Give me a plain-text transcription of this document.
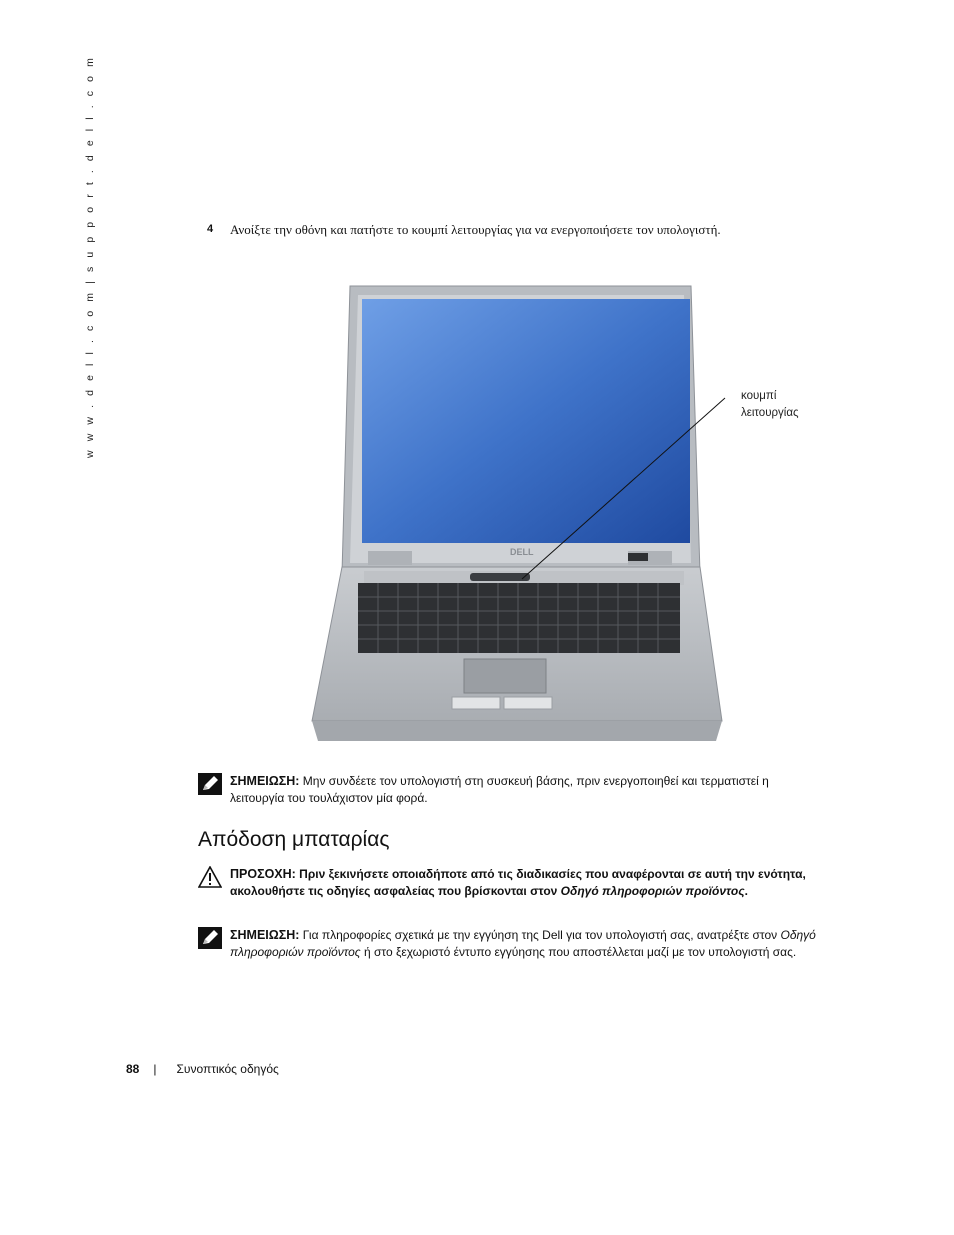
w w w . d e l l . c o m | s u p p o r t . d e l l . c o m	4 Ανοίξτε την οθόνη και πατήστε το κουμπί λειτουργίας για να ενεργοποιήσετε τον υπολογιστή.
DELL
κουμπί
λειτουργίας
ΣΗΜΕΙΩΣΗ: Μην συνδέετε τον υπολογιστή στη συσκευή βάσης, πριν ενεργοποιηθεί και τερματιστεί η λειτουργία του τουλάχιστον μία φορά.
Απόδοση μπαταρίας
ΠΡΟΣΟΧΗ: Πριν ξεκινήσετε οποιαδήποτε από τις διαδικασίες που αναφέρονται σε αυτή την ενότητα, ακολουθήστε τις οδηγίες ασφαλείας που βρίσκονται στον Οδηγό πληροφοριών προϊόντος.
ΣΗΜΕΙΩΣΗ: Για πληροφορίες σχετικά με την εγγύηση της Dell για τον υπολογιστή σας, ανατρέξτε στον Οδηγό πληροφοριών προϊόντος ή στο ξεχωριστό έντυπο εγγύησης που αποστέλλεται μαζί με τον υπολογιστή σας.
88 | Συνοπτικός οδηγός
